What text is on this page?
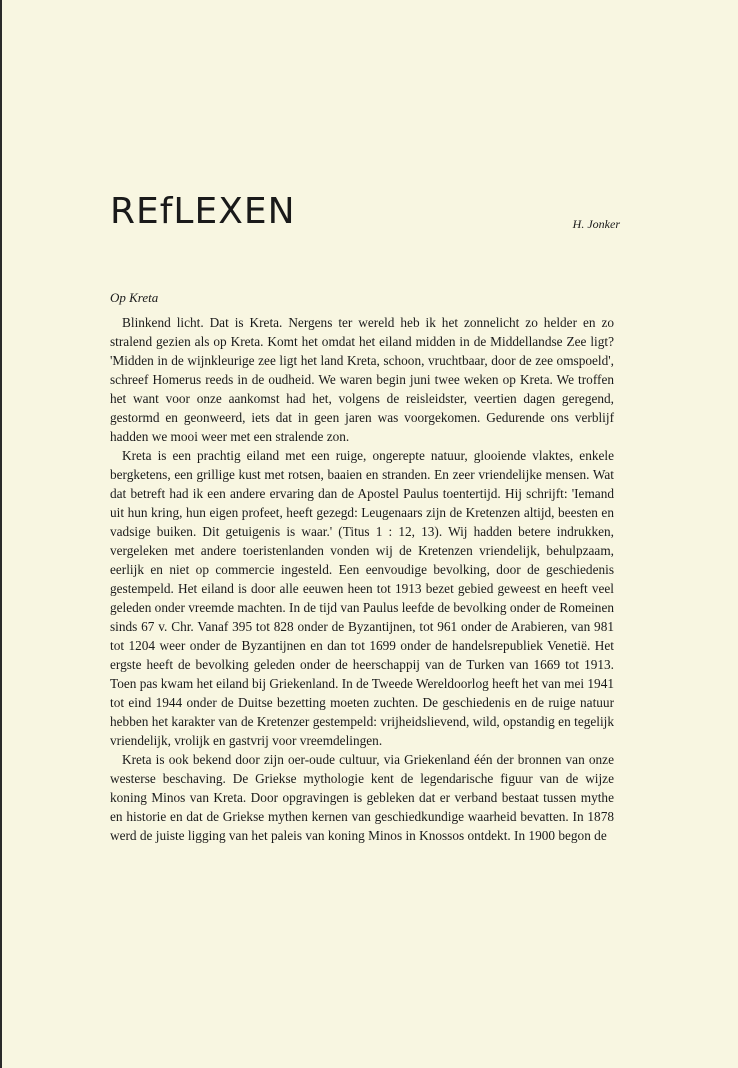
REfLEXEN	H. Jonker
Op Kreta

Blinkend licht. Dat is Kreta. Nergens ter wereld heb ik het zonnelicht zo helder en zo stralend gezien als op Kreta. Komt het omdat het eiland midden in de Middellandse Zee ligt? 'Midden in de wijnkleurige zee ligt het land Kreta, schoon, vruchtbaar, door de zee omspoeld', schreef Homerus reeds in de oudheid. We waren begin juni twee weken op Kreta. We troffen het want voor onze aankomst had het, volgens de reisleidster, veertien dagen geregend, gestormd en geonweerd, iets dat in geen jaren was voorgekomen. Gedurende ons verblijf hadden we mooi weer met een stralende zon.

Kreta is een prachtig eiland met een ruige, ongerepte natuur, glooiende vlaktes, enkele bergketens, een grillige kust met rotsen, baaien en stranden. En zeer vriendelijke mensen. Wat dat betreft had ik een andere ervaring dan de Apostel Paulus toentertijd. Hij schrijft: 'Iemand uit hun kring, hun eigen profeet, heeft gezegd: Leugenaars zijn de Kretenzen altijd, beesten en vadsige buiken. Dit getuigenis is waar.' (Titus 1 : 12, 13). Wij hadden betere indrukken, vergeleken met andere toeristenlanden vonden wij de Kretenzen vriendelijk, behulpzaam, eerlijk en niet op commercie ingesteld. Een eenvoudige bevolking, door de geschiedenis gestempeld. Het eiland is door alle eeuwen heen tot 1913 bezet gebied geweest en heeft veel geleden onder vreemde machten. In de tijd van Paulus leefde de bevolking onder de Romeinen sinds 67 v. Chr. Vanaf 395 tot 828 onder de Byzantijnen, tot 961 onder de Arabieren, van 981 tot 1204 weer onder de Byzantijnen en dan tot 1699 onder de handelsrepubliek Venetië. Het ergste heeft de bevolking geleden onder de heerschappij van de Turken van 1669 tot 1913. Toen pas kwam het eiland bij Griekenland. In de Tweede Wereldoorlog heeft het van mei 1941 tot eind 1944 onder de Duitse bezetting moeten zuchten. De geschiedenis en de ruige natuur hebben het karakter van de Kretenzer gestempeld: vrijheidslievend, wild, opstandig en tegelijk vriendelijk, vrolijk en gastvrij voor vreemdelingen.

Kreta is ook bekend door zijn oer-oude cultuur, via Griekenland één der bronnen van onze westerse beschaving. De Griekse mythologie kent de legendarische figuur van de wijze koning Minos van Kreta. Door opgravingen is gebleken dat er verband bestaat tussen mythe en historie en dat de Griekse mythen kernen van geschiedkundige waarheid bevatten. In 1878 werd de juiste ligging van het paleis van koning Minos in Knossos ontdekt. In 1900 begon de
